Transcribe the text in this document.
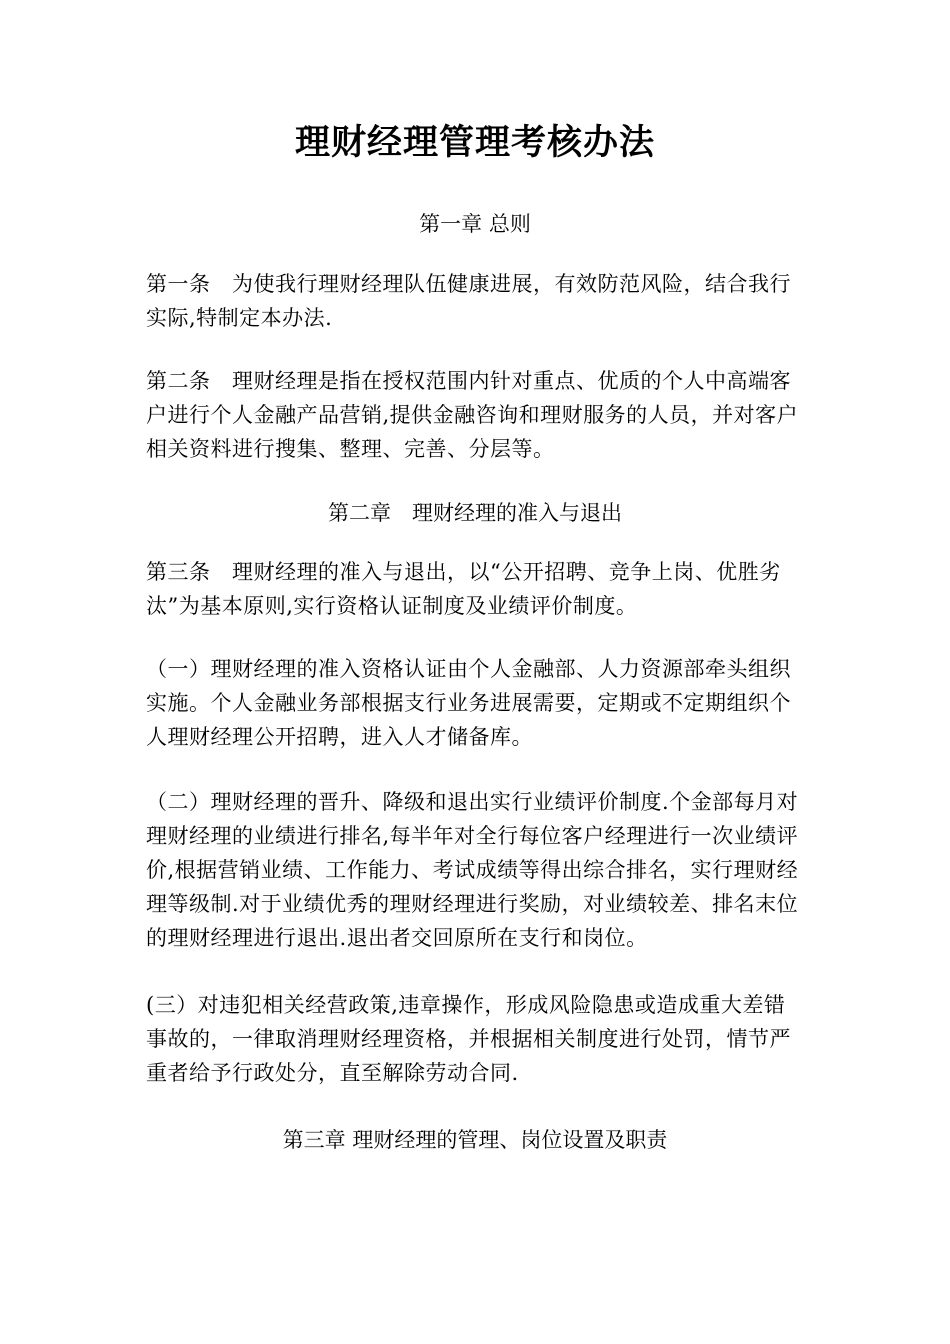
理财经理管理考核办法
第一章 总则
第一条　为使我行理财经理队伍健康进展，有效防范风险，结合我行实际,特制定本办法.
第二条　理财经理是指在授权范围内针对重点、优质的个人中高端客户进行个人金融产品营销,提供金融咨询和理财服务的人员，并对客户相关资料进行搜集、整理、完善、分层等。
第二章　理财经理的准入与退出
第三条　理财经理的准入与退出，以“公开招聘、竞争上岗、优胜劣汰”为基本原则,实行资格认证制度及业绩评价制度。
（一）理财经理的准入资格认证由个人金融部、人力资源部牵头组织实施。个人金融业务部根据支行业务进展需要，定期或不定期组织个人理财经理公开招聘，进入人才储备库。
（二）理财经理的晋升、降级和退出实行业绩评价制度.个金部每月对理财经理的业绩进行排名,每半年对全行每位客户经理进行一次业绩评价,根据营销业绩、工作能力、考试成绩等得出综合排名，实行理财经理等级制.对于业绩优秀的理财经理进行奖励，对业绩较差、排名末位的理财经理进行退出.退出者交回原所在支行和岗位。
(三）对违犯相关经营政策,违章操作，形成风险隐患或造成重大差错事故的，一律取消理财经理资格，并根据相关制度进行处罚，情节严重者给予行政处分，直至解除劳动合同.
第三章 理财经理的管理、岗位设置及职责
